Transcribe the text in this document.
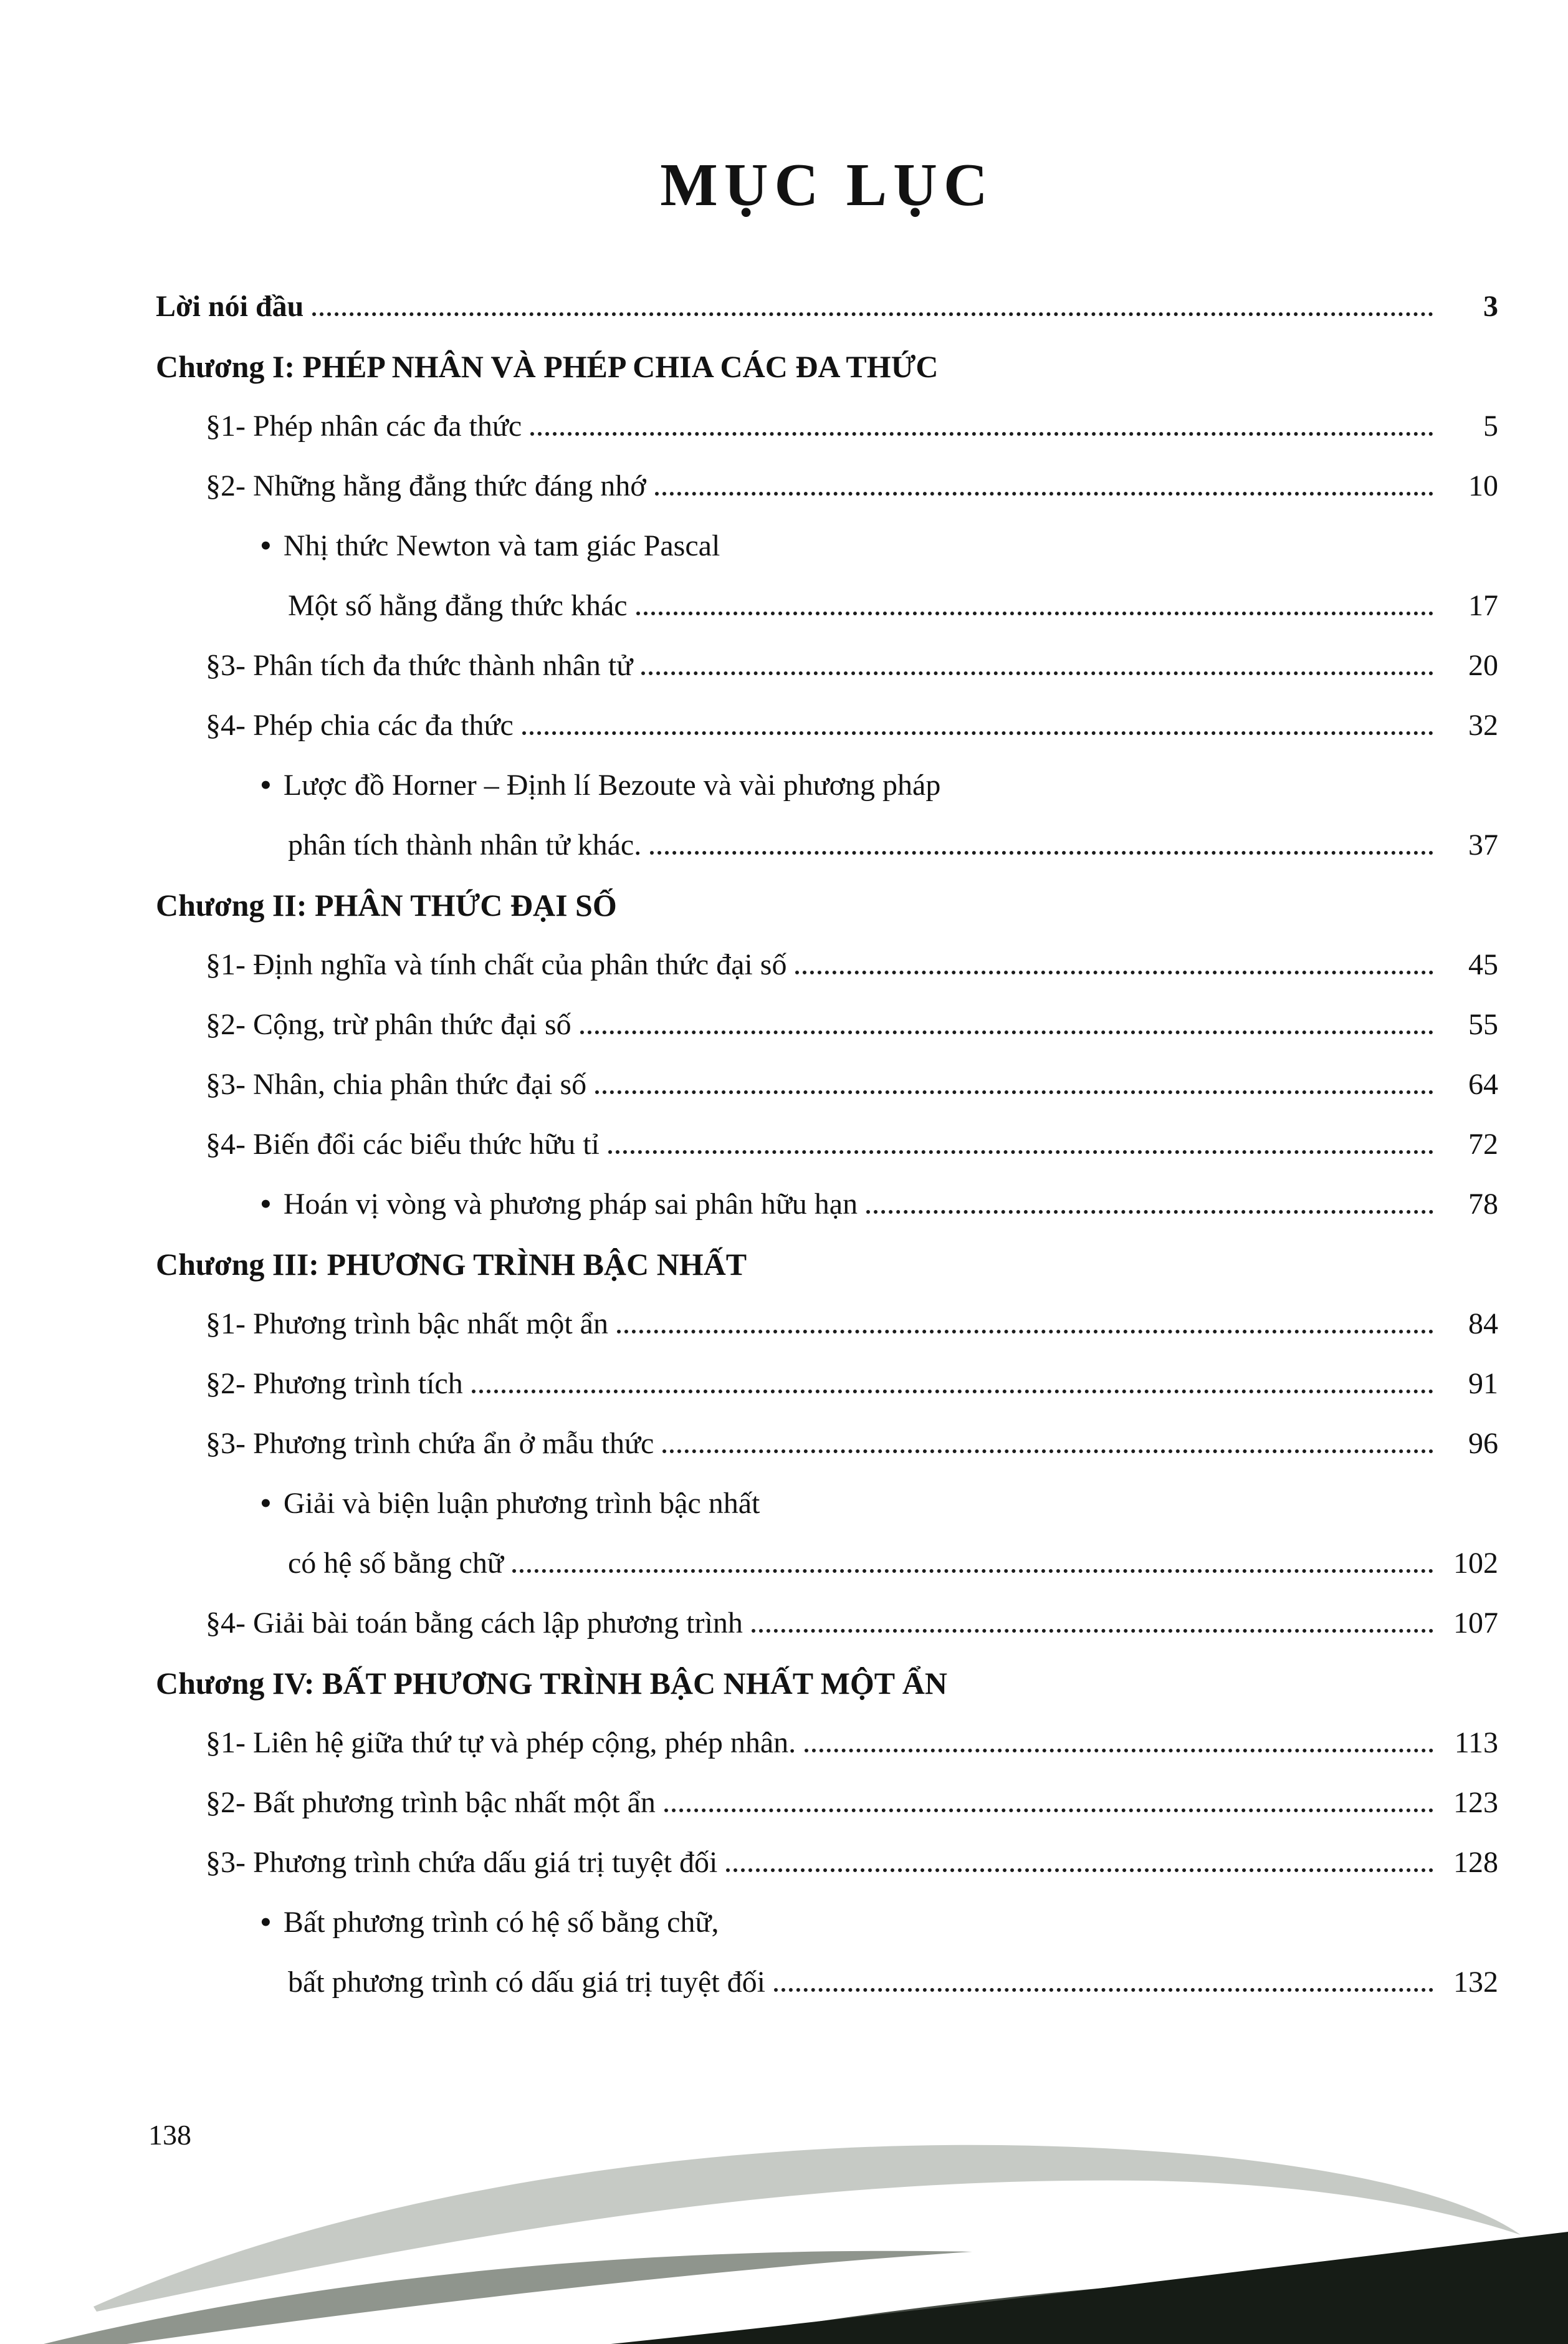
MỤC LỤC
Lời nói đầu	3
Chương I: PHÉP NHÂN VÀ PHÉP CHIA CÁC ĐA THỨC
§1- Phép nhân các đa thức	5
§2- Những hằng đẳng thức đáng nhớ	10
• Nhị thức Newton và tam giác Pascal
Một số hằng đẳng thức khác	17
§3- Phân tích đa thức thành nhân tử	20
§4- Phép chia các đa thức	32
• Lược đồ Horner – Định lí Bezoute và vài phương pháp
phân tích thành nhân tử khác.	37
Chương II: PHÂN THỨC ĐẠI SỐ
§1- Định nghĩa và tính chất của phân thức đại số	45
§2- Cộng, trừ phân thức đại số	55
§3- Nhân, chia phân thức đại số	64
§4- Biến đổi các biểu thức hữu tỉ	72
• Hoán vị vòng và phương pháp sai phân hữu hạn	78
Chương III: PHƯƠNG TRÌNH BẬC NHẤT
§1- Phương trình bậc nhất một ẩn	84
§2- Phương trình tích	91
§3- Phương trình chứa ẩn ở mẫu thức	96
• Giải và biện luận phương trình bậc nhất
có hệ số bằng chữ	102
§4- Giải bài toán bằng cách lập phương trình	107
Chương IV: BẤT PHƯƠNG TRÌNH BẬC NHẤT MỘT ẨN
§1- Liên hệ giữa thứ tự và phép cộng, phép nhân.	113
§2- Bất phương trình bậc nhất một ẩn	123
§3- Phương trình chứa dấu giá trị tuyệt đối	128
• Bất phương trình có hệ số bằng chữ,
bất phương trình có dấu giá trị tuyệt đối	132
138
